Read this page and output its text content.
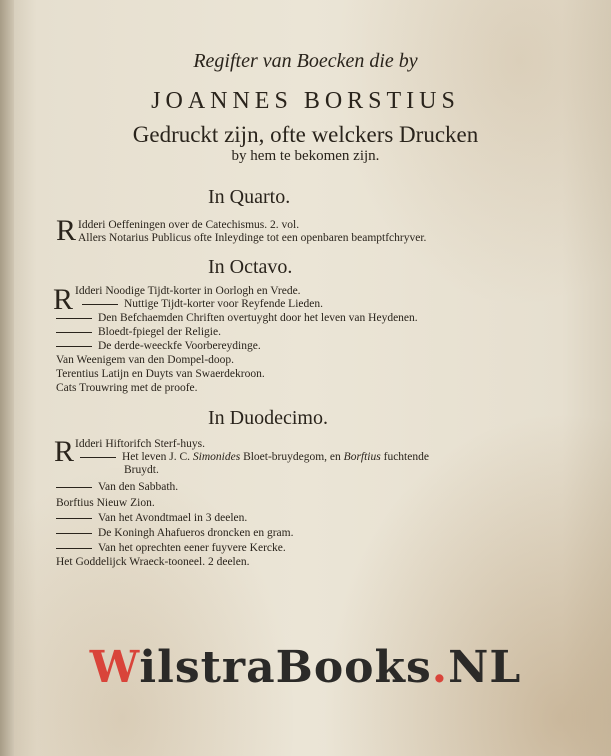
Regifter van Boecken die by
JOANNES BORSTIUS
Gedruckt zijn, ofte welckers Drucken
by hem te bekomen zijn.
In Quarto.
R Idderi Oeffeningen over de Catechismus. 2. vol.
Allers Notarius Publicus ofte Inleydinge tot een openbaren beamptfchryver.
In Octavo.
R Idderi Noodige Tijdt-korter in Oorlogh en Vrede.
Nuttige Tijdt-korter voor Reyfende Lieden.
Den Befchaemden Chriften overtuyght door het leven van Heydenen.
Bloedt-fpiegel der Religie.
De derde-weeckfe Voorbereydinge.
Van Weenigem van den Dompel-doop.
Terentius Latijn en Duyts van Swaerdekroon.
Cats Trouwring met de proofe.
In Duodecimo.
R Idderi Hiftorifch Sterf-huys.
Het leven J. C. Simonides Bloet-bruydegom, en Borftius fuchtende
Bruydt.
Van den Sabbath.
Borftius Nieuw Zion.
Van het Avondtmael in 3 deelen.
De Koningh Ahafueros droncken en gram.
Van het oprechten eener fuyvere Kercke.
Het Goddelijck Wraeck-tooneel. 2 deelen.
WilstraBooks.NL
